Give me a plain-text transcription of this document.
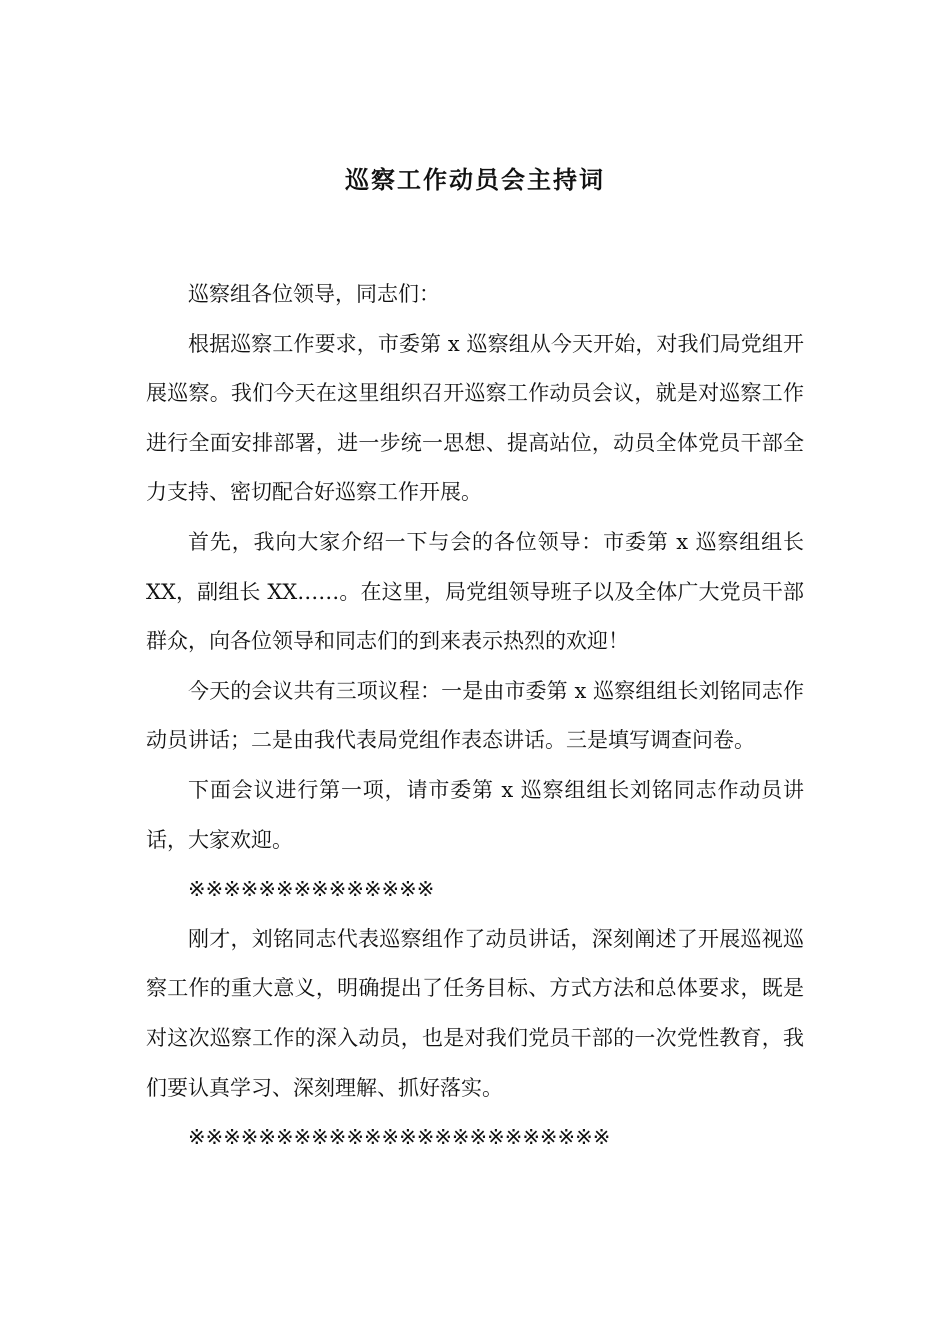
巡察工作动员会主持词

巡察组各位领导，同志们：

根据巡察工作要求，市委第 x 巡察组从今天开始，对我们局党组开展巡察。我们今天在这里组织召开巡察工作动员会议，就是对巡察工作进行全面安排部署，进一步统一思想、提高站位，动员全体党员干部全力支持、密切配合好巡察工作开展。

首先，我向大家介绍一下与会的各位领导：市委第 x 巡察组组长 XX，副组长 XX……。在这里，局党组领导班子以及全体广大党员干部群众，向各位领导和同志们的到来表示热烈的欢迎！

今天的会议共有三项议程：一是由市委第 x 巡察组组长刘铭同志作动员讲话；二是由我代表局党组作表态讲话。三是填写调查问卷。

下面会议进行第一项，请市委第 x 巡察组组长刘铭同志作动员讲话，大家欢迎。

※※※※※※※※※※※※※※

刚才，刘铭同志代表巡察组作了动员讲话，深刻阐述了开展巡视巡察工作的重大意义，明确提出了任务目标、方式方法和总体要求，既是对这次巡察工作的深入动员，也是对我们党员干部的一次党性教育，我们要认真学习、深刻理解、抓好落实。

※※※※※※※※※※※※※※※※※※※※※※※※
